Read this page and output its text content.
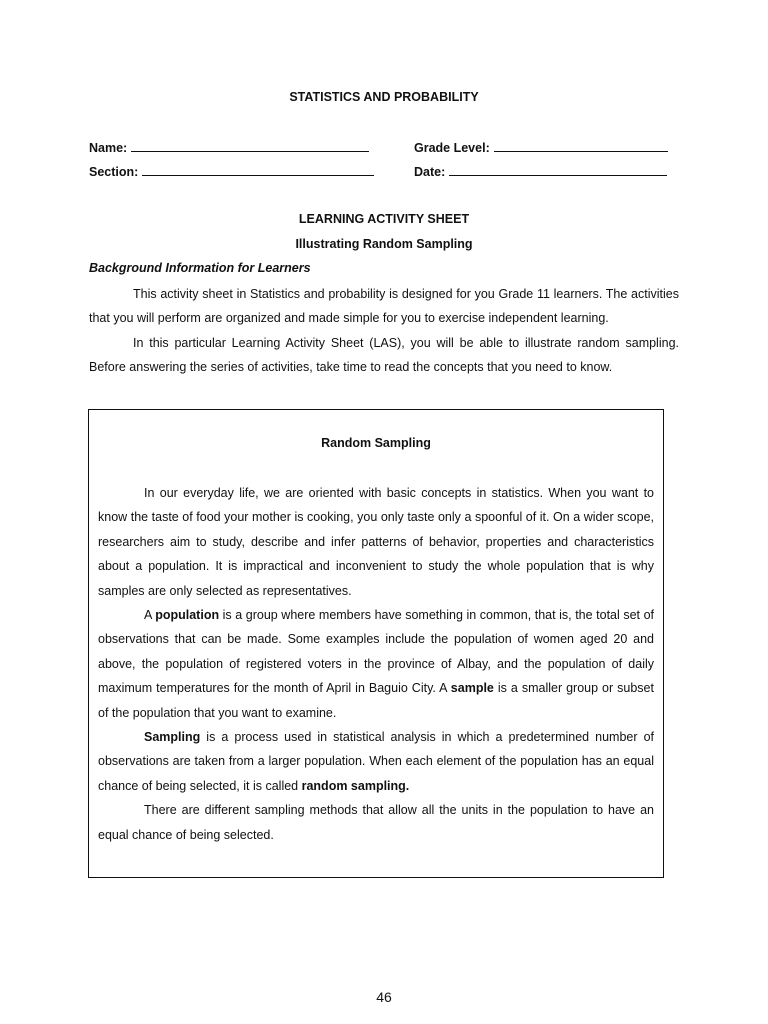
STATISTICS AND PROBABILITY
Name:	Grade Level:
Section:	Date:
LEARNING ACTIVITY SHEET
Illustrating Random Sampling
Background Information for Learners
This activity sheet in Statistics and probability is designed for you Grade 11 learners. The activities that you will perform are organized and made simple for you to exercise independent learning.
In this particular Learning Activity Sheet (LAS), you will be able to illustrate random sampling. Before answering the series of activities, take time to read the concepts that you need to know.
Random Sampling

In our everyday life, we are oriented with basic concepts in statistics. When you want to know the taste of food your mother is cooking, you only taste only a spoonful of it. On a wider scope, researchers aim to study, describe and infer patterns of behavior, properties and characteristics about a population. It is impractical and inconvenient to study the whole population that is why samples are only selected as representatives.

A population is a group where members have something in common, that is, the total set of observations that can be made. Some examples include the population of women aged 20 and above, the population of registered voters in the province of Albay, and the population of daily maximum temperatures for the month of April in Baguio City. A sample is a smaller group or subset of the population that you want to examine.

Sampling is a process used in statistical analysis in which a predetermined number of observations are taken from a larger population. When each element of the population has an equal chance of being selected, it is called random sampling.

There are different sampling methods that allow all the units in the population to have an equal chance of being selected.

46
